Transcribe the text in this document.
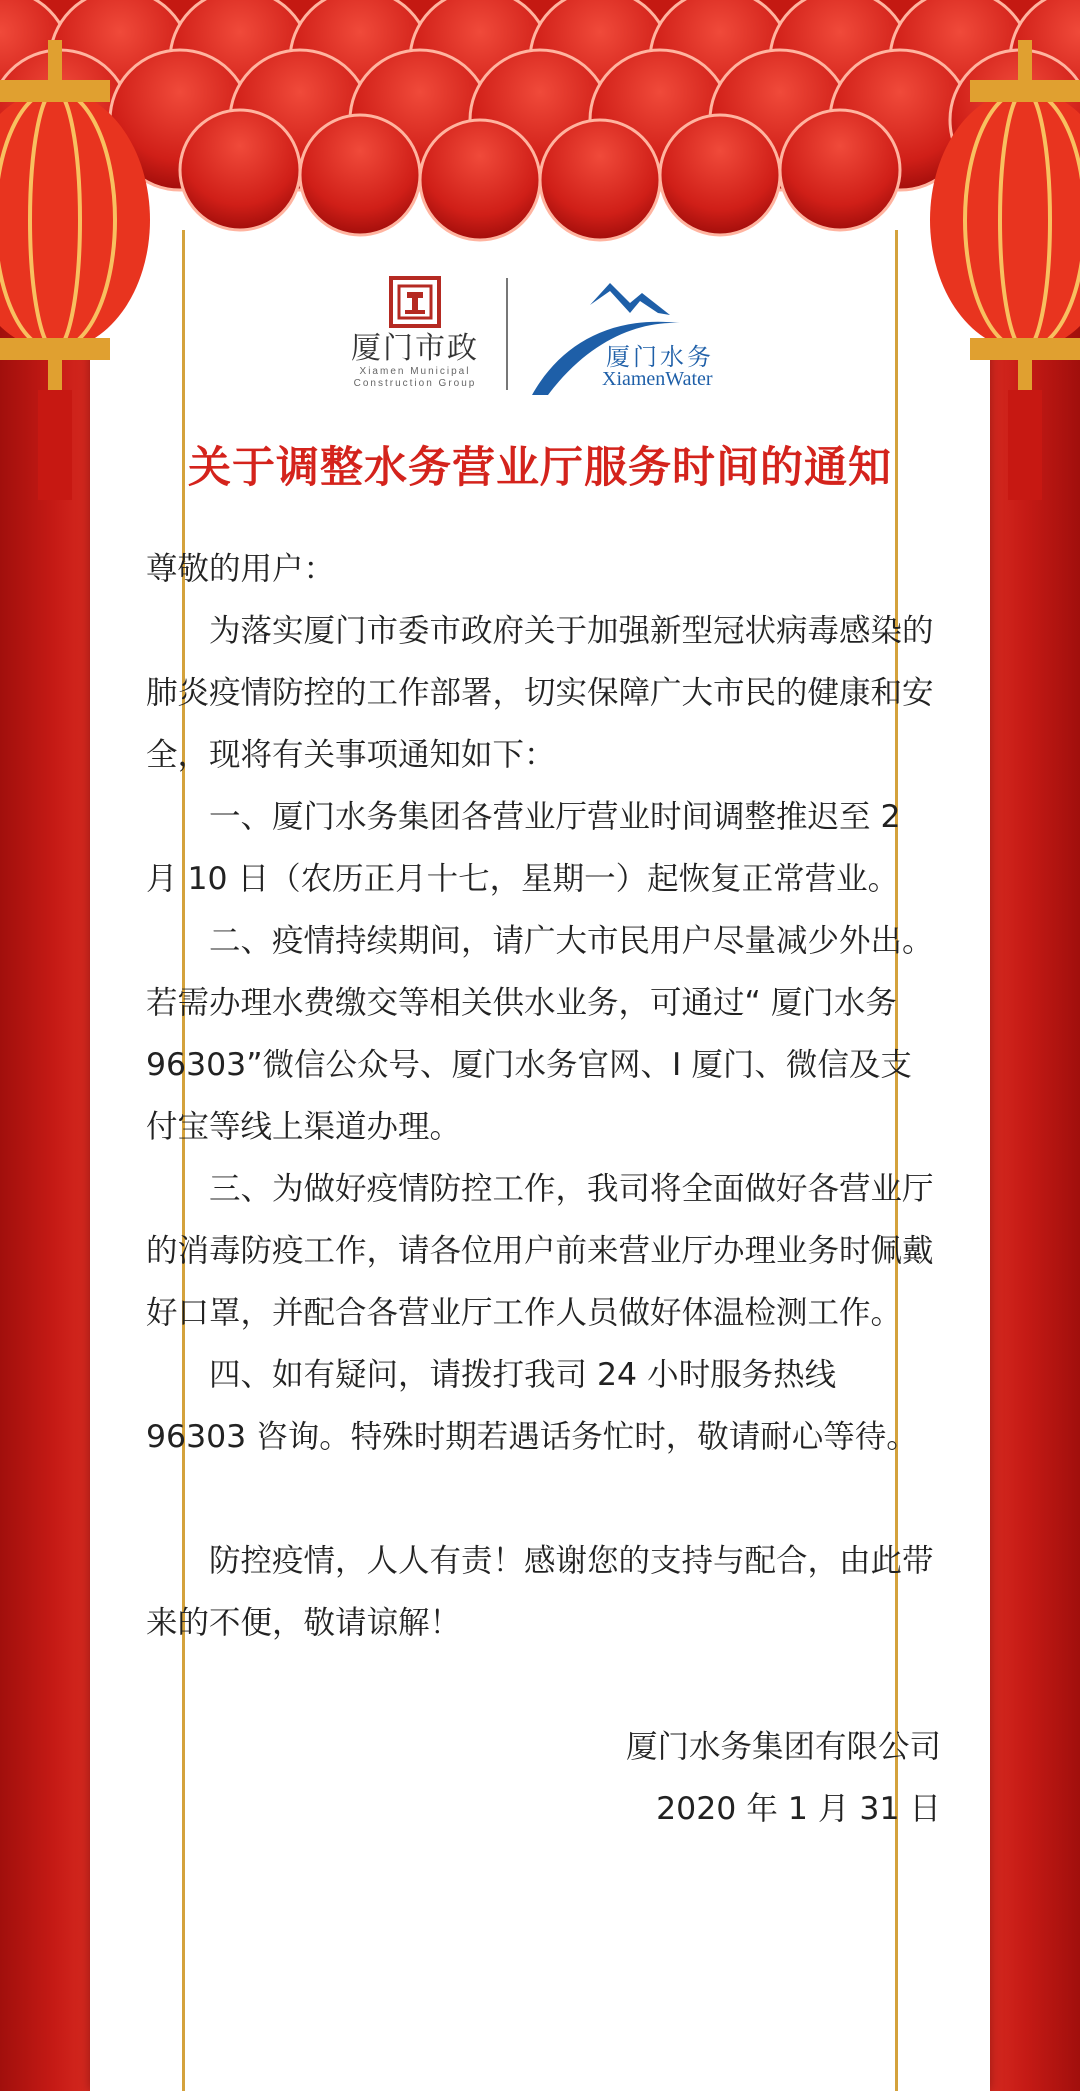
厦门市政
Xiamen Municipal
Construction Group
厦门水务
XiamenWater
关于调整水务营业厅服务时间的通知

尊敬的用户：

为落实厦门市委市政府关于加强新型冠状病毒感染的肺炎疫情防控的工作部署，切实保障广大市民的健康和安全，现将有关事项通知如下：

一、厦门水务集团各营业厅营业时间调整推迟至 2 月 10 日（农历正月十七，星期一）起恢复正常营业。

二、疫情持续期间，请广大市民用户尽量减少外出。若需办理水费缴交等相关供水业务，可通过“ 厦门水务 96303”微信公众号、厦门水务官网、I 厦门、微信及支付宝等线上渠道办理。

三、为做好疫情防控工作，我司将全面做好各营业厅的消毒防疫工作，请各位用户前来营业厅办理业务时佩戴好口罩，并配合各营业厅工作人员做好体温检测工作。

四、如有疑问，请拨打我司 24 小时服务热线 96303 咨询。特殊时期若遇话务忙时，敬请耐心等待。

防控疫情，人人有责！感谢您的支持与配合，由此带来的不便，敬请谅解！

厦门水务集团有限公司

2020 年 1 月 31 日
